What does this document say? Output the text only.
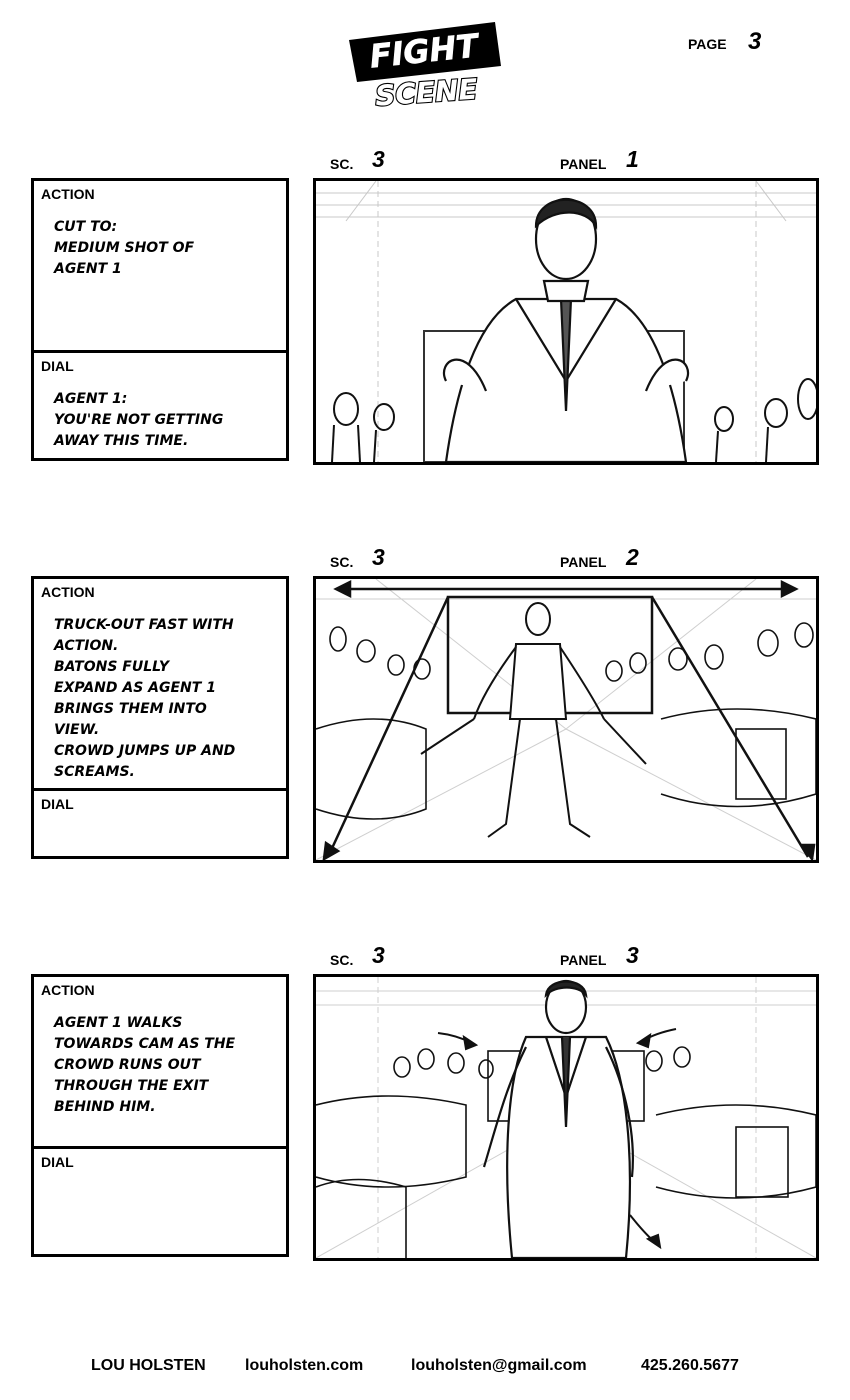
FIGHT
SCENE
PAGE 3
SC. 3	PANEL 1
ACTION

CUT TO:
MEDIUM SHOT OF
AGENT 1

DIAL

AGENT 1:
YOU'RE NOT GETTING
AWAY THIS TIME.

SC. 3	PANEL 2
ACTION

TRUCK-OUT FAST WITH
ACTION.
BATONS FULLY
EXPAND AS AGENT 1
BRINGS THEM INTO
VIEW.
CROWD JUMPS UP AND
SCREAMS.

DIAL

SC. 3	PANEL 3
ACTION

AGENT 1 WALKS
TOWARDS CAM AS THE
CROWD RUNS OUT
THROUGH THE EXIT
BEHIND HIM.

DIAL

LOU HOLSTEN louholsten.com	louholsten@gmail.com	425.260.5677
